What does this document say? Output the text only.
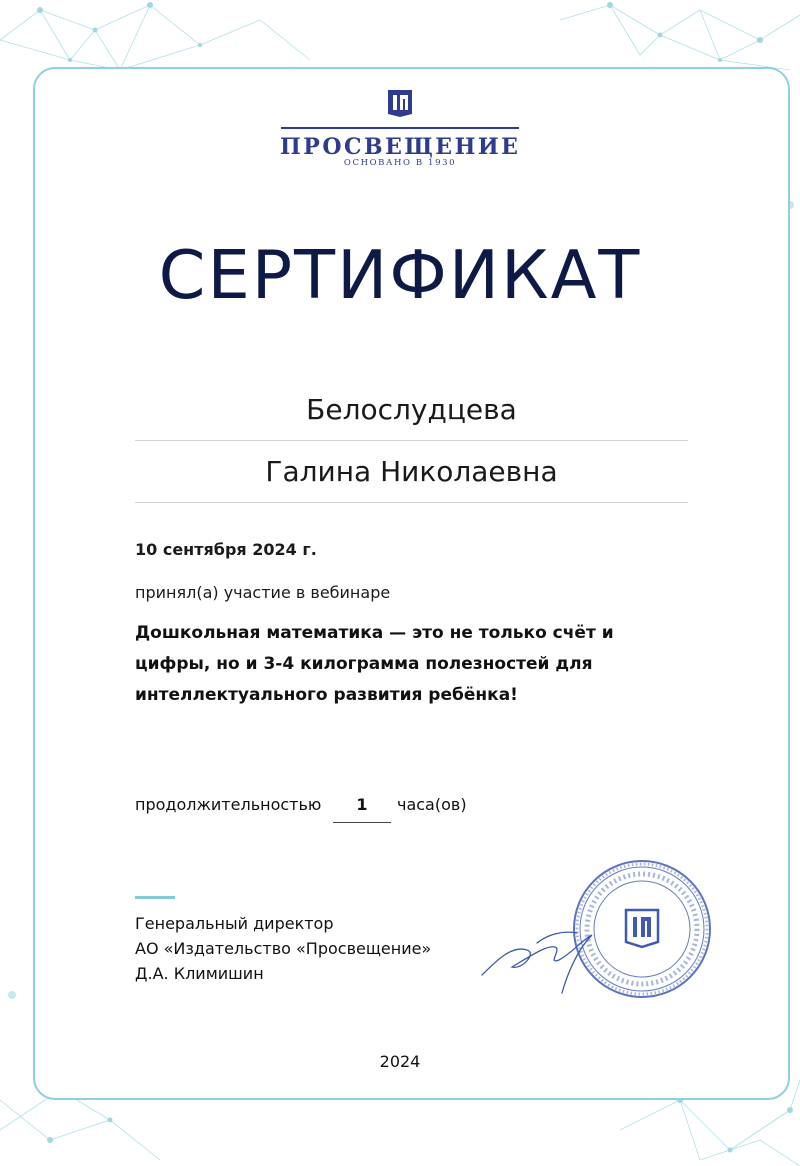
ПРОСВЕЩЕНИЕ
ОСНОВАНО В 1930
СЕРТИФИКАТ
Белослудцева
Галина Николаевна
10 сентября 2024 г.
принял(а) участие в вебинаре
Дошкольная математика — это не только счёт и цифры, но и 3-4 килограмма полезностей для интеллектуального развития ребёнка!
продолжительностью	1	часа(ов)
Генеральный директор
АО «Издательство «Просвещение»
Д.А. Климишин
2024
